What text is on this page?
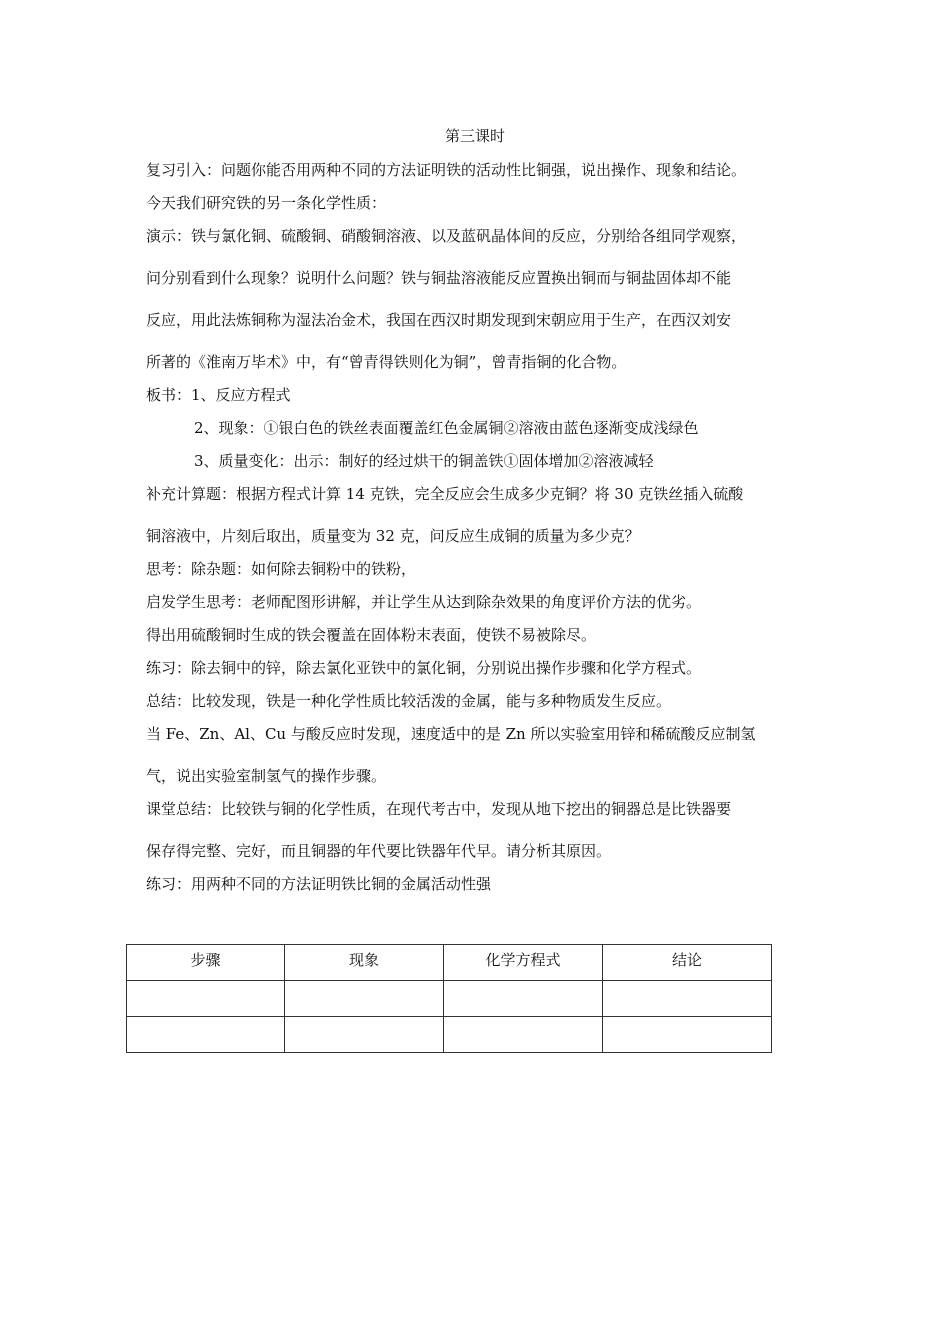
第三课时

复习引入：问题你能否用两种不同的方法证明铁的活动性比铜强，说出操作、现象和结论。

今天我们研究铁的另一条化学性质：

演示：铁与氯化铜、硫酸铜、硝酸铜溶液、以及蓝矾晶体间的反应，分别给各组同学观察，

问分别看到什么现象？说明什么问题？铁与铜盐溶液能反应置换出铜而与铜盐固体却不能

反应，用此法炼铜称为湿法冶金术，我国在西汉时期发现到宋朝应用于生产，在西汉刘安

所著的《淮南万毕术》中，有“曾青得铁则化为铜”，曾青指铜的化合物。

板书：1、反应方程式

2、现象：①银白色的铁丝表面覆盖红色金属铜②溶液由蓝色逐渐变成浅绿色

3、质量变化：出示：制好的经过烘干的铜盖铁①固体增加②溶液减轻

补充计算题：根据方程式计算 14 克铁，完全反应会生成多少克铜？将 30 克铁丝插入硫酸

铜溶液中，片刻后取出，质量变为 32 克，问反应生成铜的质量为多少克？

思考：除杂题：如何除去铜粉中的铁粉，

启发学生思考：老师配图形讲解，并让学生从达到除杂效果的角度评价方法的优劣。

得出用硫酸铜时生成的铁会覆盖在固体粉末表面，使铁不易被除尽。

练习：除去铜中的锌，除去氯化亚铁中的氯化铜，分别说出操作步骤和化学方程式。

总结：比较发现，铁是一种化学性质比较活泼的金属，能与多种物质发生反应。

当 Fe、Zn、Al、Cu 与酸反应时发现，速度适中的是 Zn 所以实验室用锌和稀硫酸反应制氢

气，说出实验室制氢气的操作步骤。

课堂总结：比较铁与铜的化学性质，在现代考古中，发现从地下挖出的铜器总是比铁器要

保存得完整、完好，而且铜器的年代要比铁器年代早。请分析其原因。

练习：用两种不同的方法证明铁比铜的金属活动性强

步骤	现象	化学方程式	结论
